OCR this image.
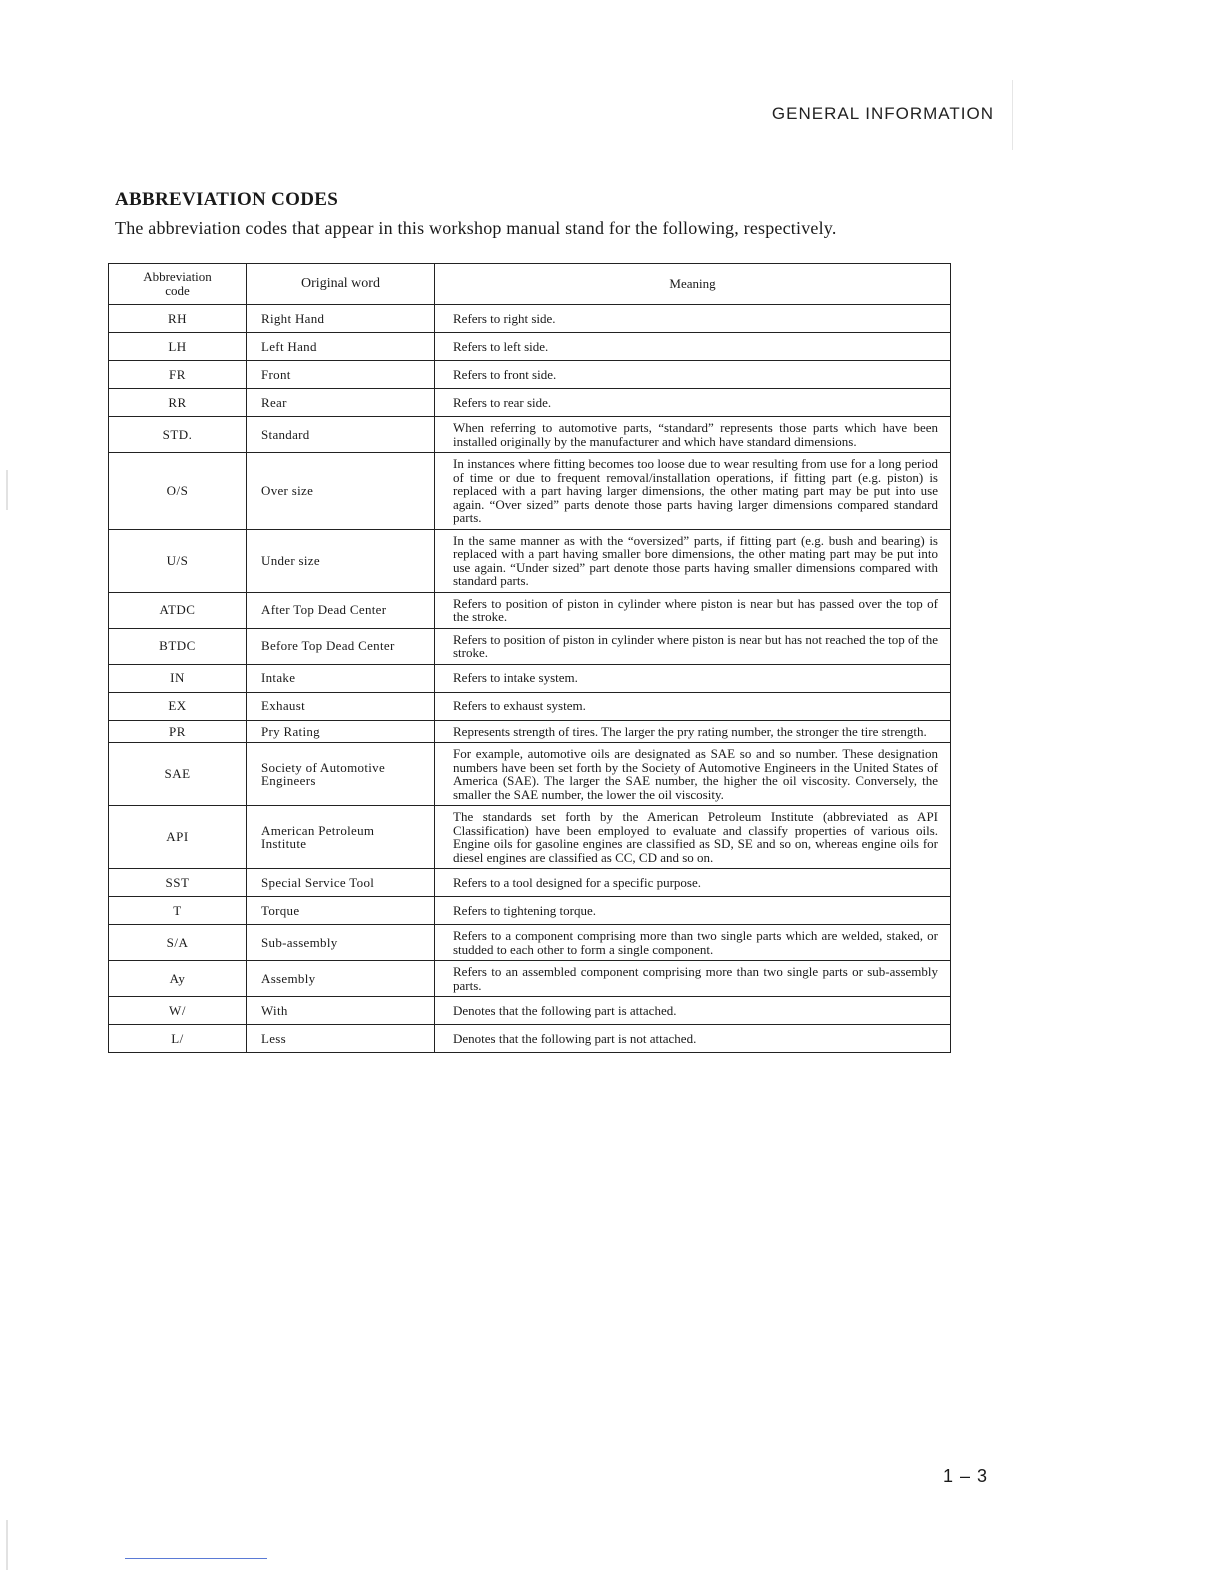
GENERAL INFORMATION
ABBREVIATION CODES
The abbreviation codes that appear in this workshop manual stand for the following, respectively.
Abbreviation
code	Original word	Meaning
RH	Right Hand	Refers to right side.
LH	Left Hand	Refers to left side.
FR	Front	Refers to front side.
RR	Rear	Refers to rear side.
STD.	Standard	When referring to automotive parts, “standard” represents those parts which have been installed originally by the manufacturer and which have standard dimensions.
O/S	Over size	In instances where fitting becomes too loose due to wear resulting from use for a long period of time or due to frequent removal/installation operations, if fitting part (e.g. piston) is replaced with a part having larger dimensions, the other mating part may be put into use again. “Over sized” parts denote those parts having larger dimensions compared standard parts.
U/S	Under size	In the same manner as with the “oversized” parts, if fitting part (e.g. bush and bearing) is replaced with a part having smaller bore dimensions, the other mating part may be put into use again. “Under sized” part denote those parts having smaller dimensions compared with standard parts.
ATDC	After Top Dead Center	Refers to position of piston in cylinder where piston is near but has passed over the top of the stroke.
BTDC	Before Top Dead Center	Refers to position of piston in cylinder where piston is near but has not reached the top of the stroke.
IN	Intake	Refers to intake system.
EX	Exhaust	Refers to exhaust system.
PR	Pry Rating	Represents strength of tires. The larger the pry rating number, the stronger the tire strength.
SAE	Society of Automotive Engineers	For example, automotive oils are designated as SAE so and so number. These designation numbers have been set forth by the Society of Automotive Engineers in the United States of America (SAE). The larger the SAE number, the higher the oil viscosity. Conversely, the smaller the SAE number, the lower the oil viscosity.
API	American Petroleum Institute	The standards set forth by the American Petroleum Institute (abbreviated as API Classification) have been employed to evaluate and classify properties of various oils. Engine oils for gasoline engines are classified as SD, SE and so on, whereas engine oils for diesel engines are classified as CC, CD and so on.
SST	Special Service Tool	Refers to a tool designed for a specific purpose.
T	Torque	Refers to tightening torque.
S/A	Sub-assembly	Refers to a component comprising more than two single parts which are welded, staked, or studded to each other to form a single component.
Ay	Assembly	Refers to an assembled component comprising more than two single parts or sub-assembly parts.
W/	With	Denotes that the following part is attached.
L/	Less	Denotes that the following part is not attached.
1 – 3
